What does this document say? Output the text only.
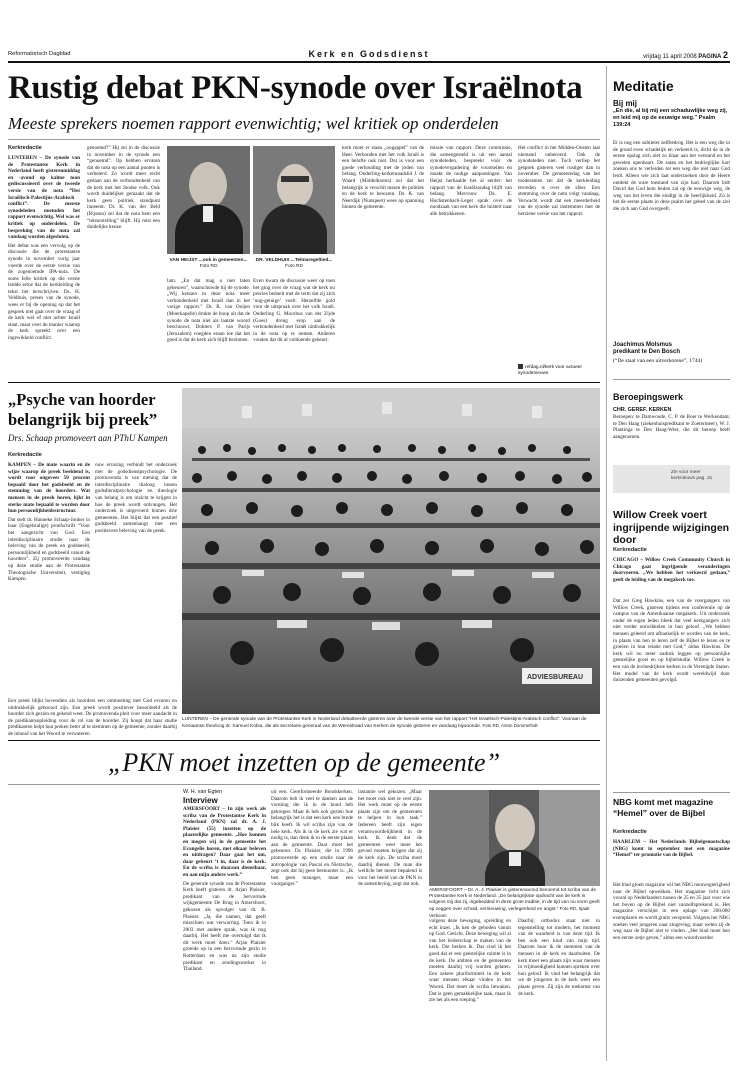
Reformatorisch Dagblad	Kerk en Godsdienst	vrijdag 11 april 2008 PAGINA 2
Rustig debat PKN-synode over Israëlnota
Meeste sprekers noemen rapport evenwichtig; wel kritiek op onderdelen
Kerkredactie

LUNTEREN – De synode van de Protestantse Kerk in Nederland heeft gisterenmiddag en -avond op kalme toon gediscussieerd over de tweede versie van de nota “Het Israëlisch-Palestijns-Arabisch conflict”. De meeste synodeleden noemden het rapport evenwichtig. Wel was er kritiek op onderdelen. De bespreking van de nota zal vandaag worden afgesloten.

Het debat was een vervolg op de discussie die de protestantse synode in november vorig jaar voerde over de eerste versie van de zogenoemde IPA-nota. De soms felle kritiek op die versie leidde ertoe dat de kerkleiding de tekst liet herschrijven. Ds. H. Veldhuis, preses van de synode, wees er bij de opening op dat het gesprek niet gaat over de vraag of de kerk wel of niet achter Israël staat, maar over de manier waarop de kerk spreekt over een ingewikkeld conflict.

genoemd?” Hij zei in de discussie in november in de synode een “genoemd”. Op hebben ervaren dat de nota op een aantal punten is verbeterd. Zo wordt meer recht gedaan aan de verbondenheid van de kerk met het Joodse volk. Ook wordt duidelijker gemaakt dat de kerk geen politiek standpunt inneemt. Dr. K. van der Beld (Rijssen) zei dat de nota hem een “teleurstelling” blijft. Hij mist een duidelijke keuze.

VAN HEIJST ...ook in gemeenten...
Foto RD
DR. VELDHUIS ...Telmaregeltied...
Foto RD

lam. „En dat mag u niet laten gebeuren”, waarschuwde hij de synode. „Wij kennen in deze nota meer verbondenheid met Israël dan in het vorige rapport.” Dr. R. van Ooijen (Moerkapelle) drukte de hoop uit dat de synode de nota niet als laatste woord beschouwt. Dokters P. van Parijs (Jeruzalem) voegden eraan toe dat het goed is dat de kerk zich blijft bezinnen.

Even kwam de discussie weer op toen het ging over de vraag wat de kerk nu precies bedoelt met de term dat zij zich ‘oog-getuige’ voelt. Hetzelfde gold voor de uitspraak over het volk Israël. Onderling G. Moorhus van der Zijde (Goes) drong erop aan de verbondenheid met Israël uitdrukkelijk in de nota op te nemen. Anderen vonden dat dit al voldoende gebeurt.

kerk moet er staan „oogappel” van de Heer. Verbonden met het volk Israël is een belofte ook niet. Dat is voor een goede verhouding met de joden van belang. Onderling-kerkenraadslid J. de Waard (Middelharnis) zei dat het belangrijk is verschil tussen de politiek en de kerk te bewaren. Ds. K. van Neerdijk (Nunspeet) wees op spanning binnen de gemeente.

missie van rapport. Deze commissie, die samengesteld is uit een aantal synodeleden, bespreekt vóór de synodevergadering de voorstellen en maakt de nodige aanpassingen. Van Heijst herhaalde het al eerder: het rapport van de Israëlzondag blijft van belang. Mevrouw Ds. E. Hochstenbach-Leget sprak over de noodzaak van een kerk die luistert naar alle betrokkenen.

Het conflict in het Midden-Oosten laat niemand onberoerd. Ook de synodeleden niet. Toch verliep het gesprek gisteren veel rustiger dan in november. De gemeentedag van het moderamen zei dat de kerkleiding tevreden is over de sfeer. Een stemming over de nota volgt vandaag. Verwacht wordt dat een meerderheid van de synode zal instemmen met de herziene versie van het rapport.

refdag.nl/kerk voor actueel synodenieuws
Meditatie
Bij mij
„En die, al bij mij een schaduwlijke weg zij, en leid mij op de eeuwige weg.” Psalm 139:24
Er is nog een subtieler zelfbedrog. Het is een weg die in de grond even schadelijk en verkeerd is, dicht de in de eerste opslag zich niet zo klaar aan het verstand en het geweten openbaart. De satan en het bedrieglijke hart zoeken ons te verleiden tot een weg die niet naar God leidt. Alleen wie zich laat onderzoeken door de Heere ontdekt de ware toestand van zijn hart. Daarom bidt David dat God hem leiden zal op de eeuwige weg, de weg van het leven die eindigt in de heerlijkheid. Zo is het de eerste plaats in deze psalm het gebed van de ziel die zich aan God overgeeft.
Joachimus Molsmus
predikant te Den Bosch
(“De staat van een uitverkorene”, 1744)
Beroepingswerk
CHR. GEREF. KERKEN
Beroepen: te Damwoude, C. P. de Boer te Werkendam; te Den Haag (ziekenhuispredikant te Zoetermeer), W. J. Plantinga te Den Haag-West, die dit beroep heeft aangenomen.
Zie voor meer kerknieuws pag. 31
Willow Creek voert ingrijpende wijzigingen door
Kerkredactie
CHICAGO – Willow Creek Community Church in Chicago gaat ingrijpende veranderingen doorvoeren. „We hebben het verkeerd gedaan,” geeft de leiding van de megakerk toe.
Dat zei Greg Hawkins, een van de voorgangers van Willow Creek, gisteren tijdens een conferentie op de campus van de Amerikaanse megakerk. Uit onderzoek onder de eigen leden bleek dat veel kerkgangers zich niet verder ontwikkelen in hun geloof. „We hebben mensen geleerd om afhankelijk te worden van de kerk, in plaats van hen te leren zelf de Bijbel te lezen en te groeien in hun relatie met God,” aldus Hawkins. De kerk wil nu meer nadruk leggen op persoonlijke geestelijke groei en op bijbelstudie. Willow Creek is een van de invloedrijkste kerken in de Verenigde Staten. Het model van de kerk wordt wereldwijd door duizenden gemeenten gevolgd.
NBG komt met magazine “Hemel” over de Bijbel
Kerkredactie
HAARLEM – Het Nederlands Bijbelgenootschap (NBG) komt in september met een magazine “Hemel” ter promotie van de Bijbel.
Het blad gloeit magazine wil het NBG nieuwsgierigheid naar de Bijbel opwekken. Het magazine richt zich vooral op Nederlanders tussen de 25 en 35 jaar voor wie het boven op de Bijbel niet vanzelfsprekend is. Het magazine verschijnt in een oplage van 200.000 exemplaren en wordt gratis verspreid. Volgens het NBG zoeken veel jongeren naar zingeving, maar weten zij de weg naar de Bijbel niet te vinden. „Het blad moet hen een eerste zetje geven,” aldus een woordvoerder.
„Psyche van hoorder belangrijk bij preek”
Drs. Schaap promoveert aan PThU Kampen
Kerkredactie

KAMPEN – De mate waarin en de wijze waarop de preek beeldend is, wordt voor ongeveer 50 procent bepaald door het godsbeeld en de stemming van de hoorders. Wat mensen in de preek horen, lijkt in sterke mate bepaald te worden door hun persoonlijkheidsstructuur.

Dat stelt dr. Hanneke Schaap-Jonker in haar (Engelstalige) proefschrift “Voor het aangezicht van God. Een interdisciplinaire studie naar de beleving van de preek en godsbeeld, persoonlijkheid en godsbeeld vanuit de hoorders”. Zij promoveerde vandaag op deze studie aan de Protestantse Theologische Universiteit, vestiging Kampen.

ouw ervaring verbindt het onderzoek met de godsdienstpsychologie. De promovenda is van mening dat de interdisciplinaire dialoog tussen godsdienstpsychologie en theologie van belang is om inzicht te krijgen in hoe de preek wordt ontvangen. Het onderzoek is uitgevoerd binnen drie gemeenten. Het blijkt dat een positief godsbeeld samenhangt met een positievere beleving van de preek.

ADVIESBUREAU
LUNTEREN – De generale synode van de Protestantse Kerk in Nederland debatteerde gisteren over de tweede versie van het rapport “Het Israëlisch-Palestijns-Arabisch conflict”. Vooraan de Keniaanse theoloog dr. Samuel Kobia, die als secretaris-generaal van de Wereldraad van Kerken de synode gisteren en vandaag bijwoonde. Foto RD, Anton Dommerholt
„PKN moet inzetten op de gemeente”
W. H. van Egten
Interview

AMERSFOORT – In zijn werk als scriba van de Protestantse Kerk in Nederland (PKN) zal dr. A. J. Plaisier (55) inzetten op de plaatselijke gemeente. „Hoe kunnen en mogen wij in de gemeente het Evangelie horen, met elkaar beleven en uitdragen? Daar gaat het om, daar gebeurt ’t in, daar is de kerk. En de scriba is daaraan dienstbaar, en aan mijn andere werk.”

De generale synode van de Protestantse Kerk heeft gisteren dr. Arjan Plaisier, predikant van de hervormde wijkgemeente De Brug in Amersfoort, gekozen als opvolger van dr. B. Plaisier. „Ja, die namen, dat geeft misschien wat verwarring. Toen ik in 2003 met andere sprak, was ik nog daarbij. Het heeft me overtuigd dat ik dit werk moet doen.” Arjan Plaisier groeide op in een hervormde gezin in Rotterdam en was na zijn studie predikant en zendingswerker in Thailand.

uit een. Gereformeerde Bondskerken. Daarom heb ik veel te danken aan de vorming die ik in de bond heb gekregen. Maar ik heb ook gezien hoe belangrijk het is dat een kerk een brede blik heeft. Ik wil scriba zijn van de hele kerk. Als ik in de kerk zie wat er nodig is, dan denk ik in de eerste plaats aan de gemeente. Daar moet het gebeuren. Dr. Plaisier, die in 1996 promoveerde op een studie naar de antropologie van Pascal en Nietzsche, zegt ook dat hij geen bestuurder is. „Ik ben geen manager, maar een voorganger.”

instantie wel gekozen. „Maar het moet ook niet te veel zijn. Het werk moet op de eerste plaats zijn om de gemeenten te helpen in hun taak.” Iedereen heeft zijn eigen verantwoordelijkheid in de kerk. Ik denk dat de gemeenten weer meer het gevoel moeten krijgen dat zij de kerk zijn. De scriba moet daarbij dienen. De man die wellicht het meest bepalend is voor het beeld van de PKN in de samenleving, zegt dat ook.

AMERSFOORT – Dr. A. J. Plaisier is gisterenavond benoemd tot scriba van de Protestantse Kerk in Nederland. „De belangrijkste opdracht van de kerk is volgens mij dat zij, ingebedded in deze grote traditie, in de tijd van nu vorm geeft op zeggen over schuld, vernieuwing, verlegenheid en angst.” Foto RD, Sjaak Verboom

volgens deze beweging, spreiding en echt inzet. „Ik ken de gehoden vanuit op God. Gericht. Deze beweging wil al van het leiderschap te maken van de kerk. Die herken ik. Dat vind ik het goed dat er een geestelijke ruimte is in de kerk. De ambten en de gemeenten moeten daarbij vrij worden gelaten. Een zekere pluriformiteit in de kerk waar mensen elkaar vinden in het Woord. Dat moet de scriba bewaken. Dat is geen gemakkelijke taak, maar ik zie het als een roeping.”

Daarbij: orthodox staat niet in tegenstelling tot modern, het moment van de waarheid is van deze tijd. Ik ben ook een kind van mijn tijd. Daarom hoor ik de stemmen van de mensen in de kerk en daarbuiten. De kerk moet een plaats zijn waar mensen in vrijmoedigheid kunnen spreken over hun geloof. Ik vind het belangrijk dat we de jongeren in de kerk weer een plaats geven. Zij zijn de toekomst van de kerk.

Een preek blijkt bovendien als hoorders een ontmoeting met God ervaren en uitdrukkelijk gebouwd zijn. Een preek wordt positiever beoordeeld als de hoorder zich gezien en gekend weet. De promovenda pleit voor meer aandacht in de predikantsopleiding voor de rol van de hoorder. Zij hoopt dat haar studie predikanten helpt hun preken beter af te stemmen op de gemeente, zonder daarbij de inhoud van het Woord te verwateren.
